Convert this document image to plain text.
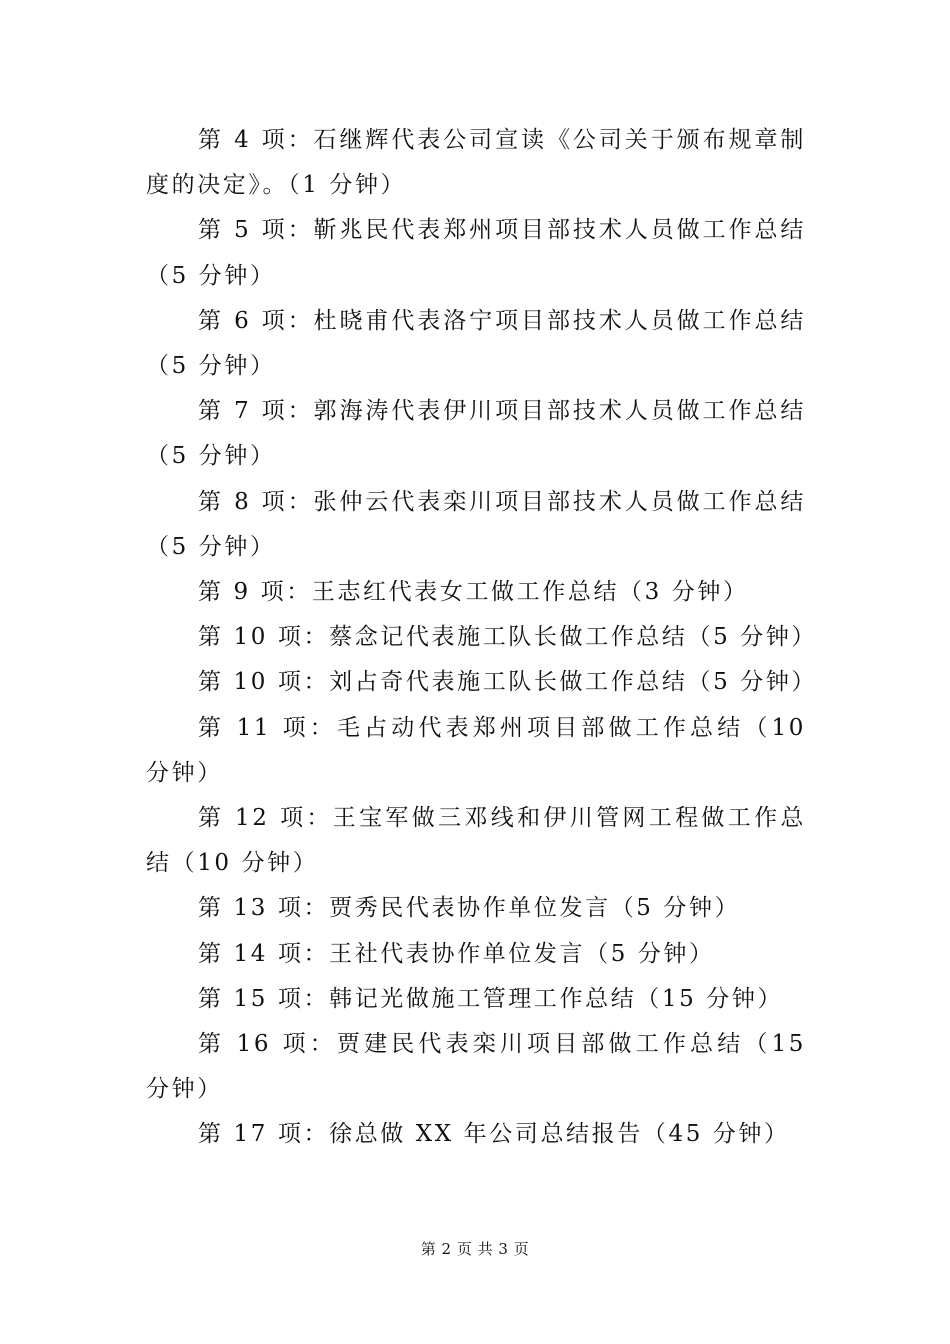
第 4 项：石继辉代表公司宣读《公司关于颁布规章制度的决定》。（1 分钟）

第 5 项：靳兆民代表郑州项目部技术人员做工作总结（5 分钟）

第 6 项：杜晓甫代表洛宁项目部技术人员做工作总结（5 分钟）

第 7 项：郭海涛代表伊川项目部技术人员做工作总结（5 分钟）

第 8 项：张仲云代表栾川项目部技术人员做工作总结（5 分钟）

第 9 项：王志红代表女工做工作总结（3 分钟）

第 10 项：蔡念记代表施工队长做工作总结（5 分钟）

第 10 项：刘占奇代表施工队长做工作总结（5 分钟）

第 11 项：毛占动代表郑州项目部做工作总结（10 分钟）

第 12 项：王宝军做三邓线和伊川管网工程做工作总结（10 分钟）

第 13 项：贾秀民代表协作单位发言（5 分钟）

第 14 项：王社代表协作单位发言（5 分钟）

第 15 项：韩记光做施工管理工作总结（15 分钟）

第 16 项：贾建民代表栾川项目部做工作总结（15 分钟）

第 17 项：徐总做 XX 年公司总结报告（45 分钟）

第 2 页 共 3 页
